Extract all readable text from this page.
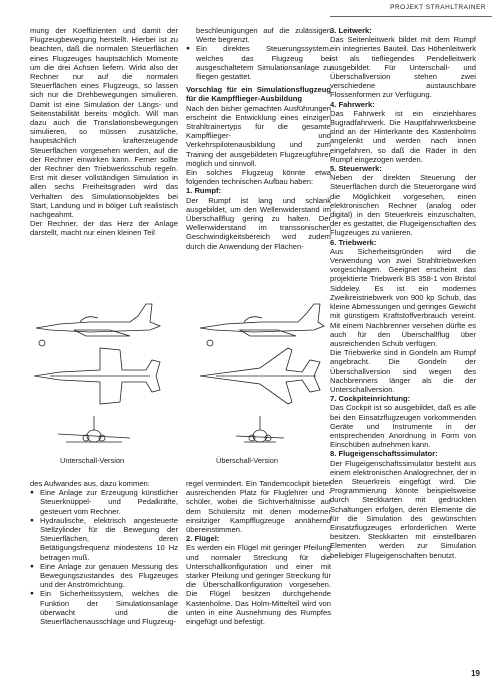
PROJEKT STRAHLTRAINER

mung der Koeffizienten und damit der Flugzeugbewegung herstellt. Hierbei ist zu beachten, daß die normalen Steuerflächen eines Flugzeuges hauptsächlich Momente um die drei Achsen liefern. Wirkt also der Rechner nur auf die normalen Steuerflächen eines Flugzeugs, so lassen sich nur die Drehbewegungen simulieren. Damit ist eine Simulation der Längs- und Seitenstabilität bereits möglich. Will man dazu auch die Translationsbewegungen simulieren, so müssen zusätzliche, hauptsächlich krafterzeugende Steuerflächen vorgesehen werden, auf die der Rechner einwirken kann. Ferner sollte der Rechner den Triebwerksschub regeln. Erst mit dieser vollständigen Simulation in allen sechs Freiheitsgraden wird das Verhalten des Simulationsobjektes bei Start, Landung und in böiger Luft realistisch nachgeahmt.

Der Rechner, der das Herz der Anlage darstellt, macht nur einen kleinen Teil

beschleunigungen auf die zulässigen Werte begrenzt.

● Ein direktes Steuerungssystem, welches das Flugzeug bei ausgeschaltetem Simulationsanlage zu fliegen gestattet.

Vorschlag für ein Simulationsflugzeug für die Kampfflieger-Ausbildung

Nach den bisher gemachten Ausführungen erscheint die Entwicklung eines einzigen Strahltrainertyps für die gesamte Kampfflieger- und Verkehrspilotenausbildung und zum Training der ausgebildeten Flugzeugführer möglich und sinnvoll.

Ein solches Flugzeug könnte etwa folgenden technischen Aufbau haben:

1. Rumpf:

Der Rumpf ist lang und schlank ausgebildet, um den Wellenwiderstand im Überschallflug gering zu halten. Der Wellenwiderstand im transsonischen Geschwindigkeitsbereich wird zudem durch die Anwendung der Flächen-

3. Leitwerk:

Das Seitenleitwerk bildet mit dem Rumpf ein integriertes Bauteil. Das Höhenleitwerk ist als tiefliegendes Pendelleitwerk ausgebildet. Für Unterschall- und Überschallversion stehen zwei verschiedene austauschbare Flossenformen zur Verfügung.

4. Fahrwerk:

Das Fahrwerk ist ein einziehbares Bugradfahrwerk. Die Hauptfahrwerksbeine sind an der Hinterkante des Kastenholms angelenkt und werden nach innen eingefahren, so daß die Räder in den Rumpf eingezogen werden.

5. Steuerwerk:

Neben der direkten Steuerung der Steuerflächen durch die Steuerorgane wird die Möglichkeit vorgesehen, einen elektronischen Rechner (analog oder digital) in den Steuerkreis einzuschalten, der es gestattet, die Flugeigenschaften des Flugzeuges zu variieren.

6. Triebwerk:

Aus Sicherheitsgründen wird die Verwendung von zwei Strahltriebwerken vorgeschlagen. Geeignet erscheint das projektierte Triebwerk BS 358-1 von Bristol Siddeley. Es ist ein modernes Zweikreistriebwerk von 900 kp Schub, das kleine Abmessungen und geringes Gewicht mit günstigem Kraftstoffverbrauch vereint. Mit einem Nachbrenner versehen dürfte es auch für den Überschallflug über ausreichenden Schub verfügen.

Die Triebwerke sind in Gondeln am Rumpf angebracht. Die Gondeln der Überschallversion sind wegen des Nachbrenners länger als die der Unterschallversion.

7. Cockpiteinrichtung:

Das Cockpit ist so ausgebildet, daß es alle bei den Einsatzflugzeugen vorkommenden Geräte und Instrumente in der entsprechenden Anordnung in Form von Einschüben aufnehmen kann.

8. Flugeigenschaftssimulator:

Der Flugeigenschaftssimulator besteht aus einem elektronischen Analogrechner, der in den Steuerkreis eingefügt wird. Die Programmierung könnte beispielsweise durch Steckkarten mit gedruckten Schaltungen erfolgen, deren Elemente die für die Simulation des gewünschten Einsatzflugzeuges erforderlichen Werte besitzen. Steckkarten mit einstellbaren Elementen werden zur Simulation beliebiger Flugeigenschaften benutzt.

Unterschall-Version	Überschall-Version

des Aufwandes aus, dazu kommen:

● Eine Anlage zur Erzeugung künstlicher Steuerknüppel- und Pedalkräfte, gesteuert vom Rechner.
● Hydraulische, elektrisch angesteuerte Stellzylinder für die Bewegung der Steuerflächen, deren Betätigungsfrequenz mindestens 10 Hz betragen muß.
● Eine Anlage zur genauen Messung des Bewegungszustandes des Flugzeuges und der Anströmrichtung.
● Ein Sicherheitssystem, welches die Funktion der Simulationsanlage überwacht und die Steuerflächenausschläge und Flugzeug-

regel vermindert. Ein Tandemcockpit bietet ausreichenden Platz für Fluglehrer und -schüler, wobei die Sichtverhältnisse auf dem Schülersitz mit denen moderner einsitziger Kampfflugzeuge annähernd übereinstimmen.

2. Flügel:

Es werden ein Flügel mit geringer Pfeilung und normaler Streckung für die Unterschallkonfiguration und einer mit starker Pfeilung und geringer Streckung für die Überschallkonfiguration vorgesehen. Die Flügel besitzen durchgehende Kastenholme. Das Holm-Mittelteil wird von unten in eine Ausnehmung des Rumpfes eingefügt und befestigt.

19
